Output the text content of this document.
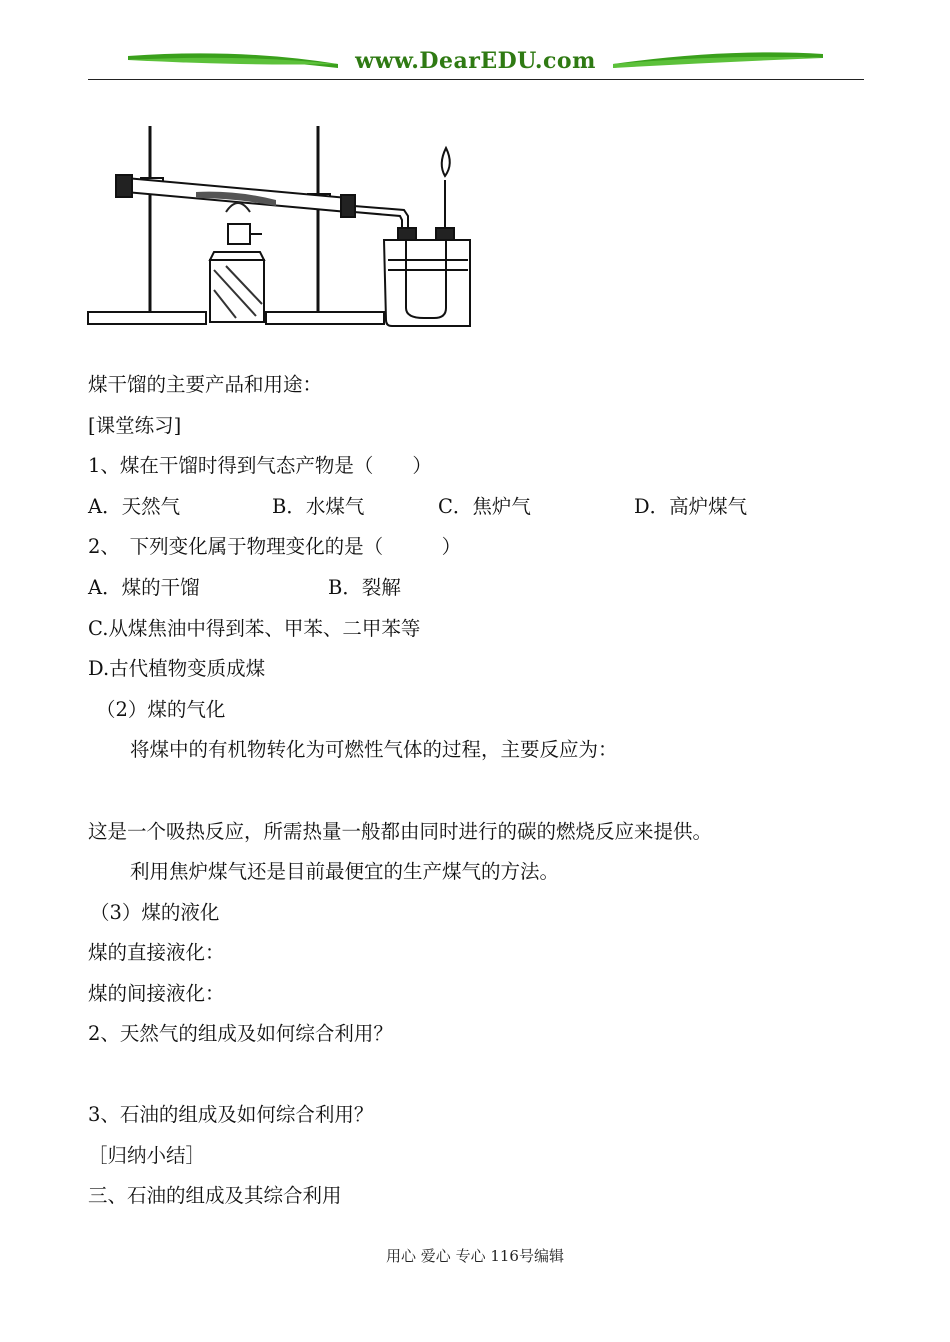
www.DearEDU.com
煤干馏的主要产品和用途：
[课堂练习]
1、煤在干馏时得到气态产物是（　　）
A．天然气	B．水煤气	C．焦炉气	D．高炉煤气
2、　下列变化属于物理变化的是（　　　）
A．煤的干馏	B．裂解
C.从煤焦油中得到苯、甲苯、二甲苯等
D.古代植物变质成煤
（2）煤的气化
将煤中的有机物转化为可燃性气体的过程，主要反应为：
这是一个吸热反应，所需热量一般都由同时进行的碳的燃烧反应来提供。
利用焦炉煤气还是目前最便宜的生产煤气的方法。
（3）煤的液化
煤的直接液化：
煤的间接液化：
2、天然气的组成及如何综合利用？
3、石油的组成及如何综合利用？
［归纳小结］
三、石油的组成及其综合利用
用心 爱心 专心 116号编辑
